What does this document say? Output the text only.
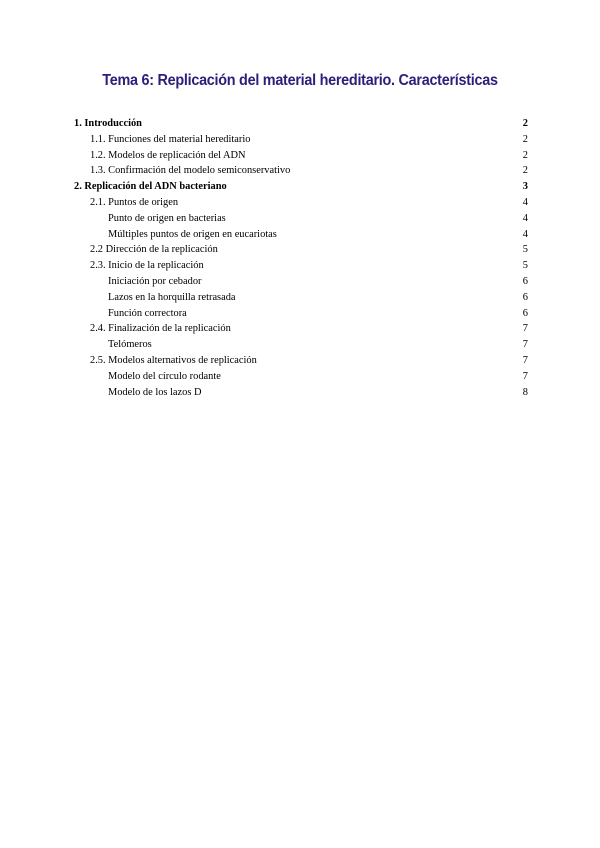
Tema 6: Replicación del material hereditario. Características
1. Introducción	2
1.1. Funciones del material hereditario	2
1.2. Modelos de replicación del ADN	2
1.3. Confirmación del modelo semiconservativo	2
2. Replicación del ADN bacteriano	3
2.1. Puntos de origen	4
Punto de origen en bacterias	4
Múltiples puntos de origen en eucariotas	4
2.2 Dirección de la replicación	5
2.3. Inicio de la replicación	5
Iniciación por cebador	6
Lazos en la horquilla retrasada	6
Función correctora	6
2.4. Finalización de la replicación	7
Telómeros	7
2.5. Modelos alternativos de replicación	7
Modelo del círculo rodante	7
Modelo de los lazos D	8
